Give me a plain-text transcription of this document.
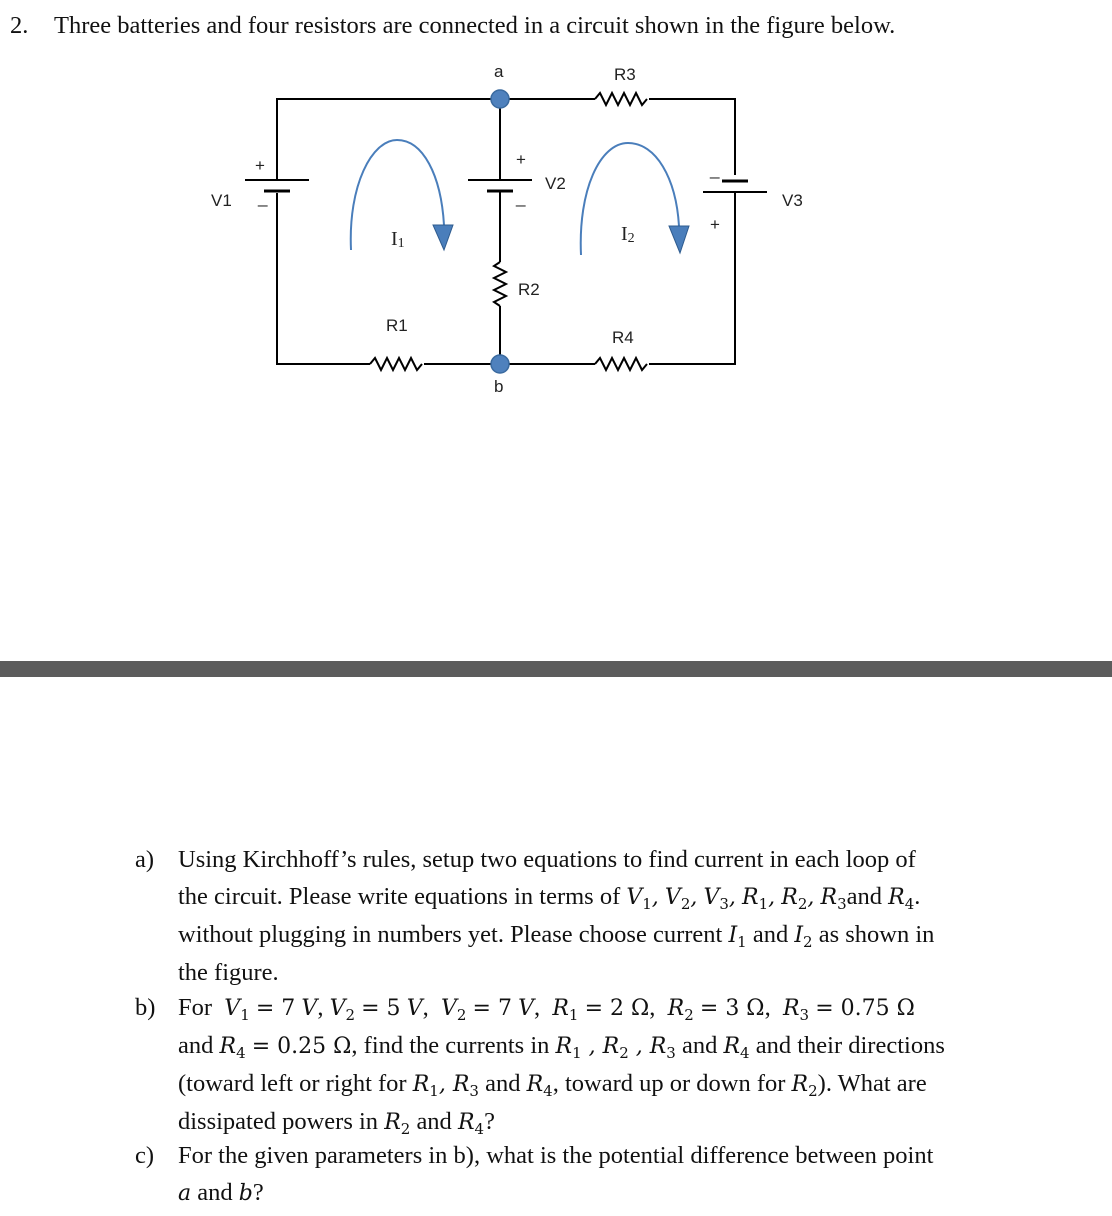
2. Three batteries and four resistors are connected in a circuit shown in the figure below.
a
b
R3
R1
R2
R4
V1
V2
V3
+
_
+
_
_
+
I1	I2
a) Using Kirchhoff’s rules, setup two equations to find current in each loop of
the circuit. Please write equations in terms of $V_1$, $V_2$, $V_3$, $R_1$, $R_2$, $R_3and$ $R_4$.
without plugging in numbers yet. Please choose current $I_1$ and $I_2$ as shown in
the figure.
b) For  $V_1 = 7$ V, $V_2 = 5$ V,  $V_2 = 7$ V,  $R_1 = 2$ Ω,  $R_2 = 3$ Ω,  $R_3 = 0.75$ Ω
and $R_4 = 0.25$ Ω, find the currents in $R_1$ , $R_2$ , $R_3$ and $R_4$ and their directions
(toward left or right for $R_1$, $R_3$ and $R_4$, toward up or down for $R_2$). What are
dissipated powers in $R_2$ and $R_4$?
c) For the given parameters in b), what is the potential difference between point
a and b?
